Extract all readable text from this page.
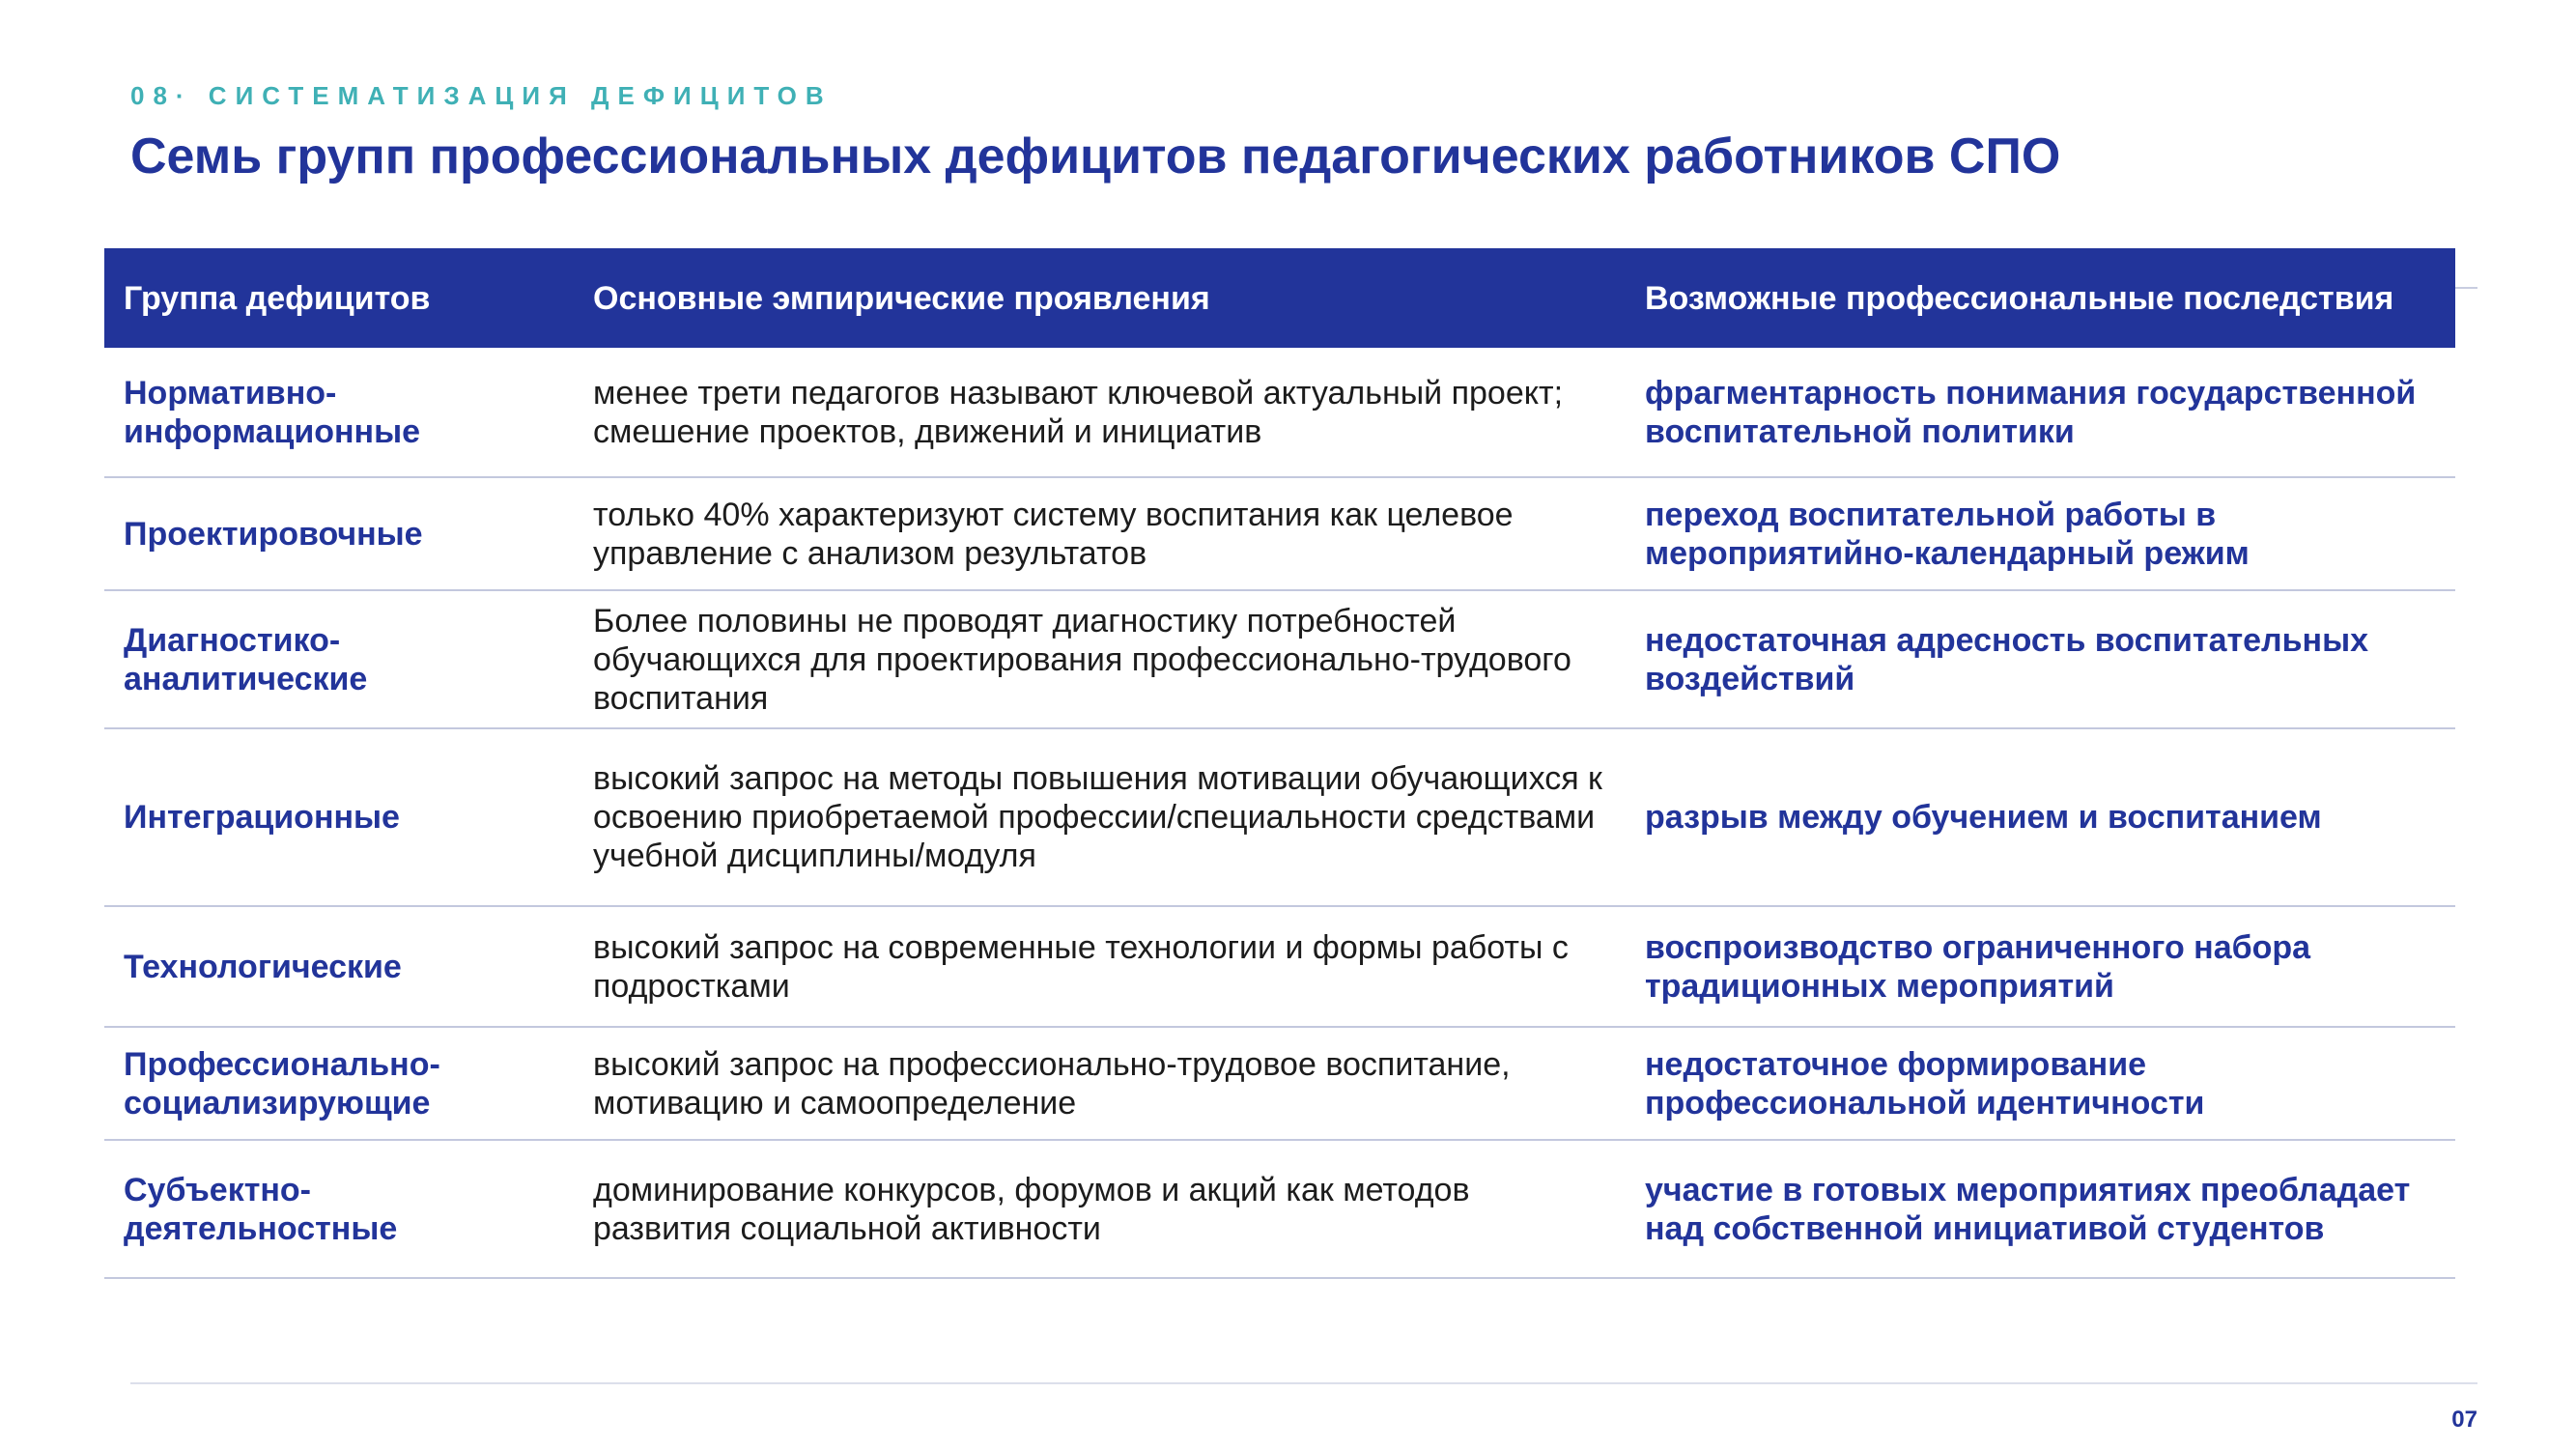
08· СИСТЕМАТИЗАЦИЯ ДЕФИЦИТОВ
Семь групп профессиональных дефицитов педагогических работников СПО
Группа дефицитов	Основные эмпирические проявления	Возможные профессиональные последствия
Нормативно-информационные	менее трети педагогов называют ключевой актуальный проект; смешение проектов, движений и инициатив	фрагментарность понимания государственной воспитательной политики
Проектировочные	только 40% характеризуют систему воспитания как целевое управление с анализом результатов	переход воспитательной работы в мероприятийно-календарный режим
Диагностико-аналитические	Более половины не проводят диагностику потребностей обучающихся для проектирования профессионально-трудового воспитания	недостаточная адресность воспитательных воздействий
Интеграционные	высокий запрос на методы повышения мотивации обучающихся к освоению приобретаемой профессии/специальности средствами учебной дисциплины/модуля	разрыв между обучением и воспитанием
Технологические	высокий запрос на современные технологии и формы работы с подростками	воспроизводство ограниченного набора традиционных мероприятий
Профессионально-социализирующие	высокий запрос на профессионально-трудовое воспитание, мотивацию и самоопределение	недостаточное формирование профессиональной идентичности
Субъектно-деятельностные	доминирование конкурсов, форумов и акций как методов развития социальной активности	участие в готовых мероприятиях преобладает над собственной инициативой студентов
07
